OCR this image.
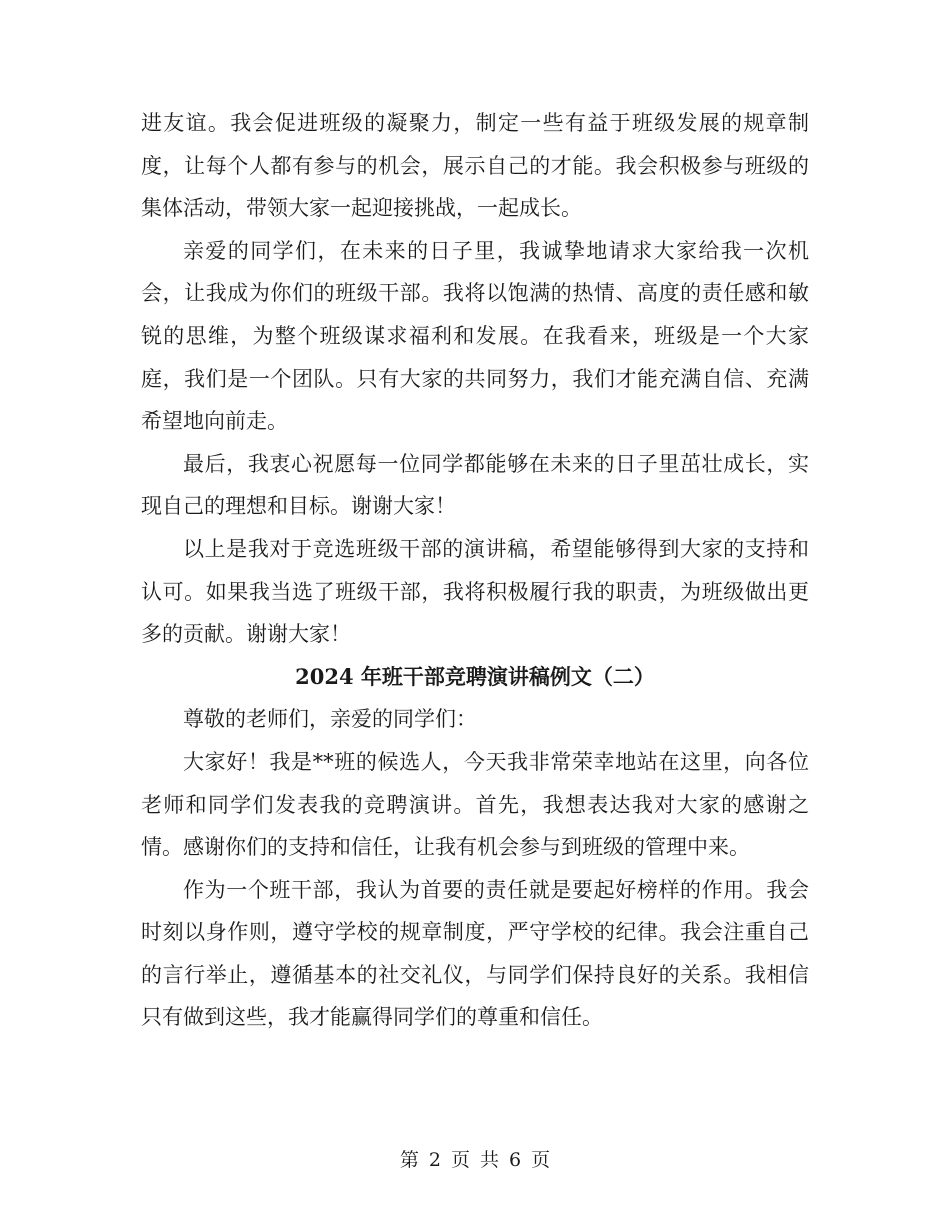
进友谊。我会促进班级的凝聚力，制定一些有益于班级发展的规章制度，让每个人都有参与的机会，展示自己的才能。我会积极参与班级的集体活动，带领大家一起迎接挑战，一起成长。

亲爱的同学们，在未来的日子里，我诚挚地请求大家给我一次机会，让我成为你们的班级干部。我将以饱满的热情、高度的责任感和敏锐的思维，为整个班级谋求福利和发展。在我看来，班级是一个大家庭，我们是一个团队。只有大家的共同努力，我们才能充满自信、充满希望地向前走。

最后，我衷心祝愿每一位同学都能够在未来的日子里茁壮成长，实现自己的理想和目标。谢谢大家！

以上是我对于竞选班级干部的演讲稿，希望能够得到大家的支持和认可。如果我当选了班级干部，我将积极履行我的职责，为班级做出更多的贡献。谢谢大家！

2024 年班干部竞聘演讲稿例文（二）

尊敬的老师们，亲爱的同学们：

大家好！我是**班的候选人，今天我非常荣幸地站在这里，向各位老师和同学们发表我的竞聘演讲。首先，我想表达我对大家的感谢之情。感谢你们的支持和信任，让我有机会参与到班级的管理中来。

作为一个班干部，我认为首要的责任就是要起好榜样的作用。我会时刻以身作则，遵守学校的规章制度，严守学校的纪律。我会注重自己的言行举止，遵循基本的社交礼仪，与同学们保持良好的关系。我相信只有做到这些，我才能赢得同学们的尊重和信任。

第 2 页 共 6 页
